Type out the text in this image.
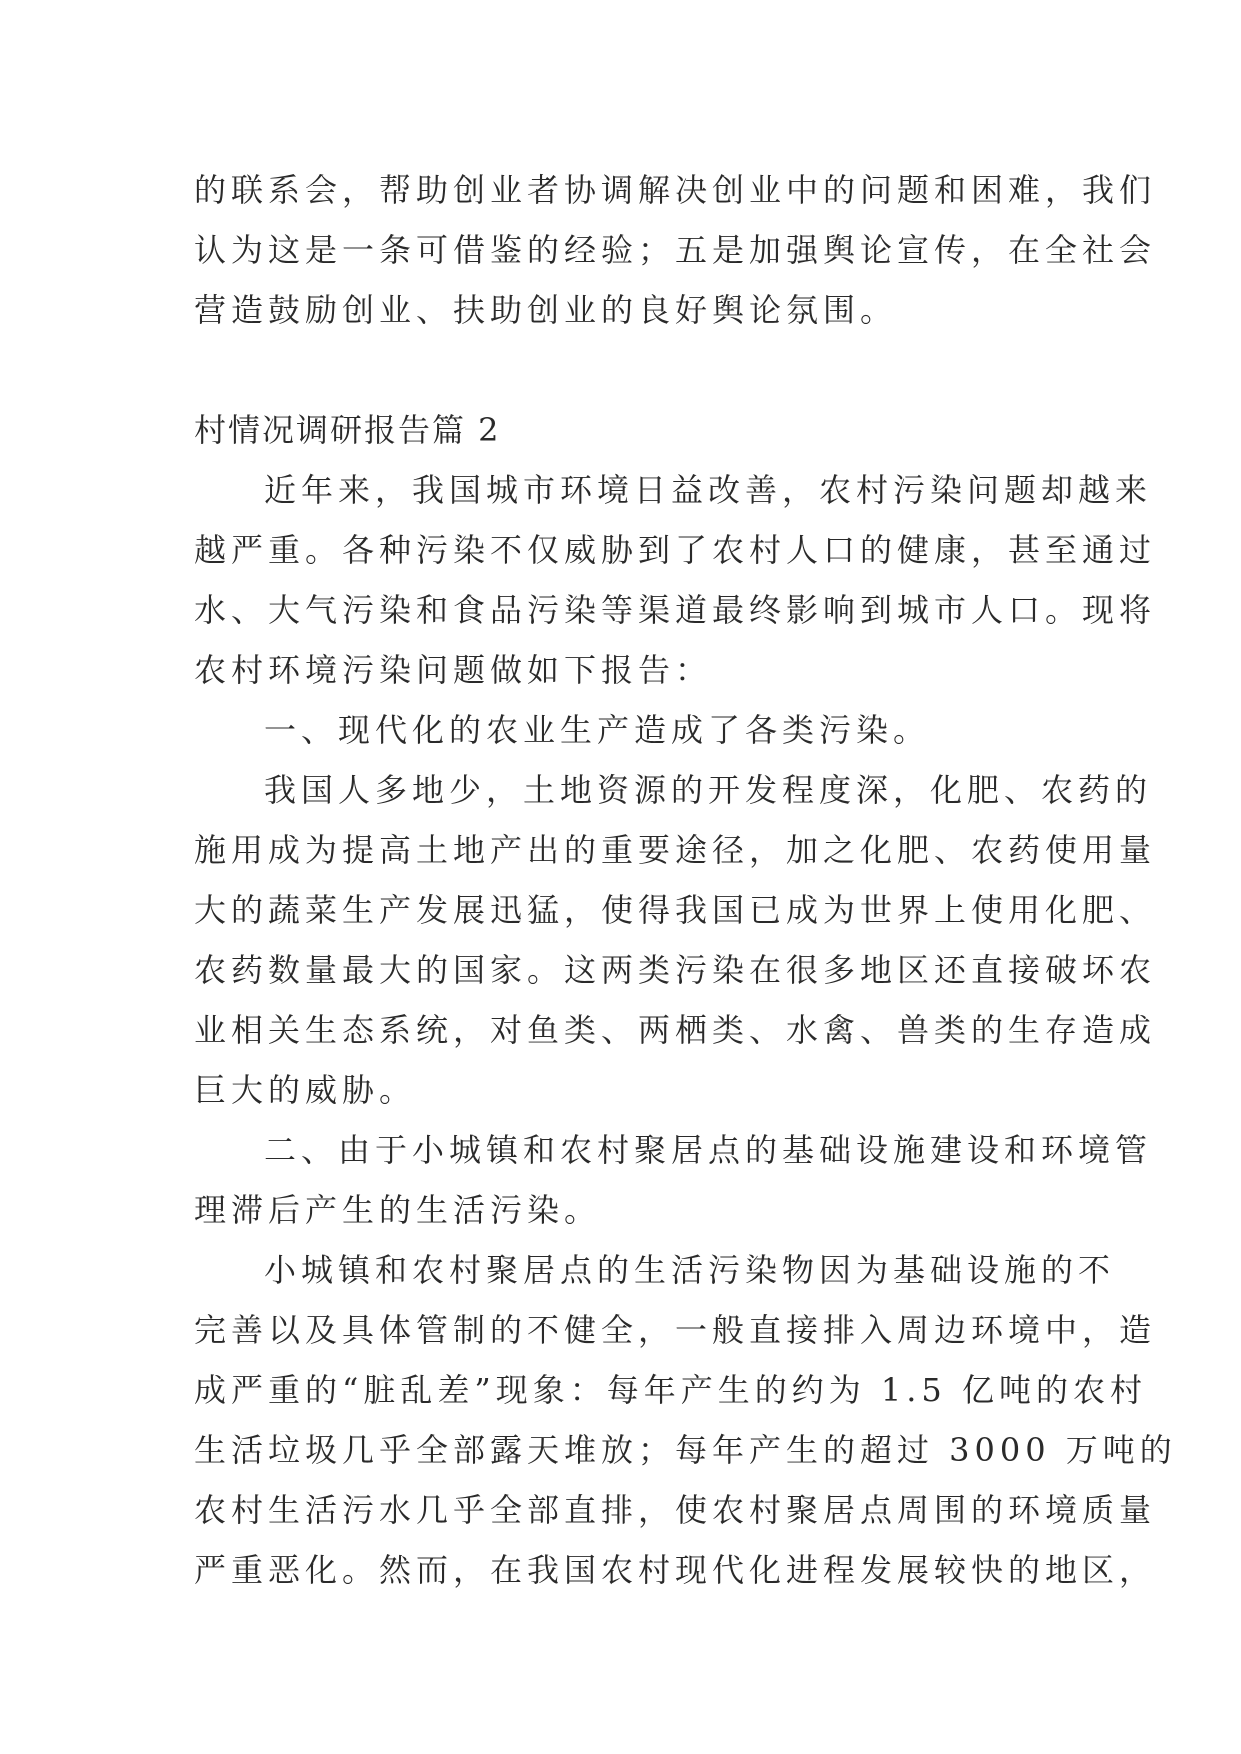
的联系会，帮助创业者协调解决创业中的问题和困难，我们
认为这是一条可借鉴的经验；五是加强舆论宣传，在全社会
营造鼓励创业、扶助创业的良好舆论氛围。
村情况调研报告篇 2
近年来，我国城市环境日益改善，农村污染问题却越来
越严重。各种污染不仅威胁到了农村人口的健康，甚至通过
水、大气污染和食品污染等渠道最终影响到城市人口。现将
农村环境污染问题做如下报告：
一、现代化的农业生产造成了各类污染。
我国人多地少，土地资源的开发程度深，化肥、农药的
施用成为提高土地产出的重要途径，加之化肥、农药使用量
大的蔬菜生产发展迅猛，使得我国已成为世界上使用化肥、
农药数量最大的国家。这两类污染在很多地区还直接破坏农
业相关生态系统，对鱼类、两栖类、水禽、兽类的生存造成
巨大的威胁。
二、由于小城镇和农村聚居点的基础设施建设和环境管
理滞后产生的生活污染。
小城镇和农村聚居点的生活污染物因为基础设施的不
完善以及具体管制的不健全，一般直接排入周边环境中，造
成严重的“脏乱差”现象：每年产生的约为 1.5 亿吨的农村
生活垃圾几乎全部露天堆放；每年产生的超过 3000 万吨的
农村生活污水几乎全部直排，使农村聚居点周围的环境质量
严重恶化。然而，在我国农村现代化进程发展较快的地区，
